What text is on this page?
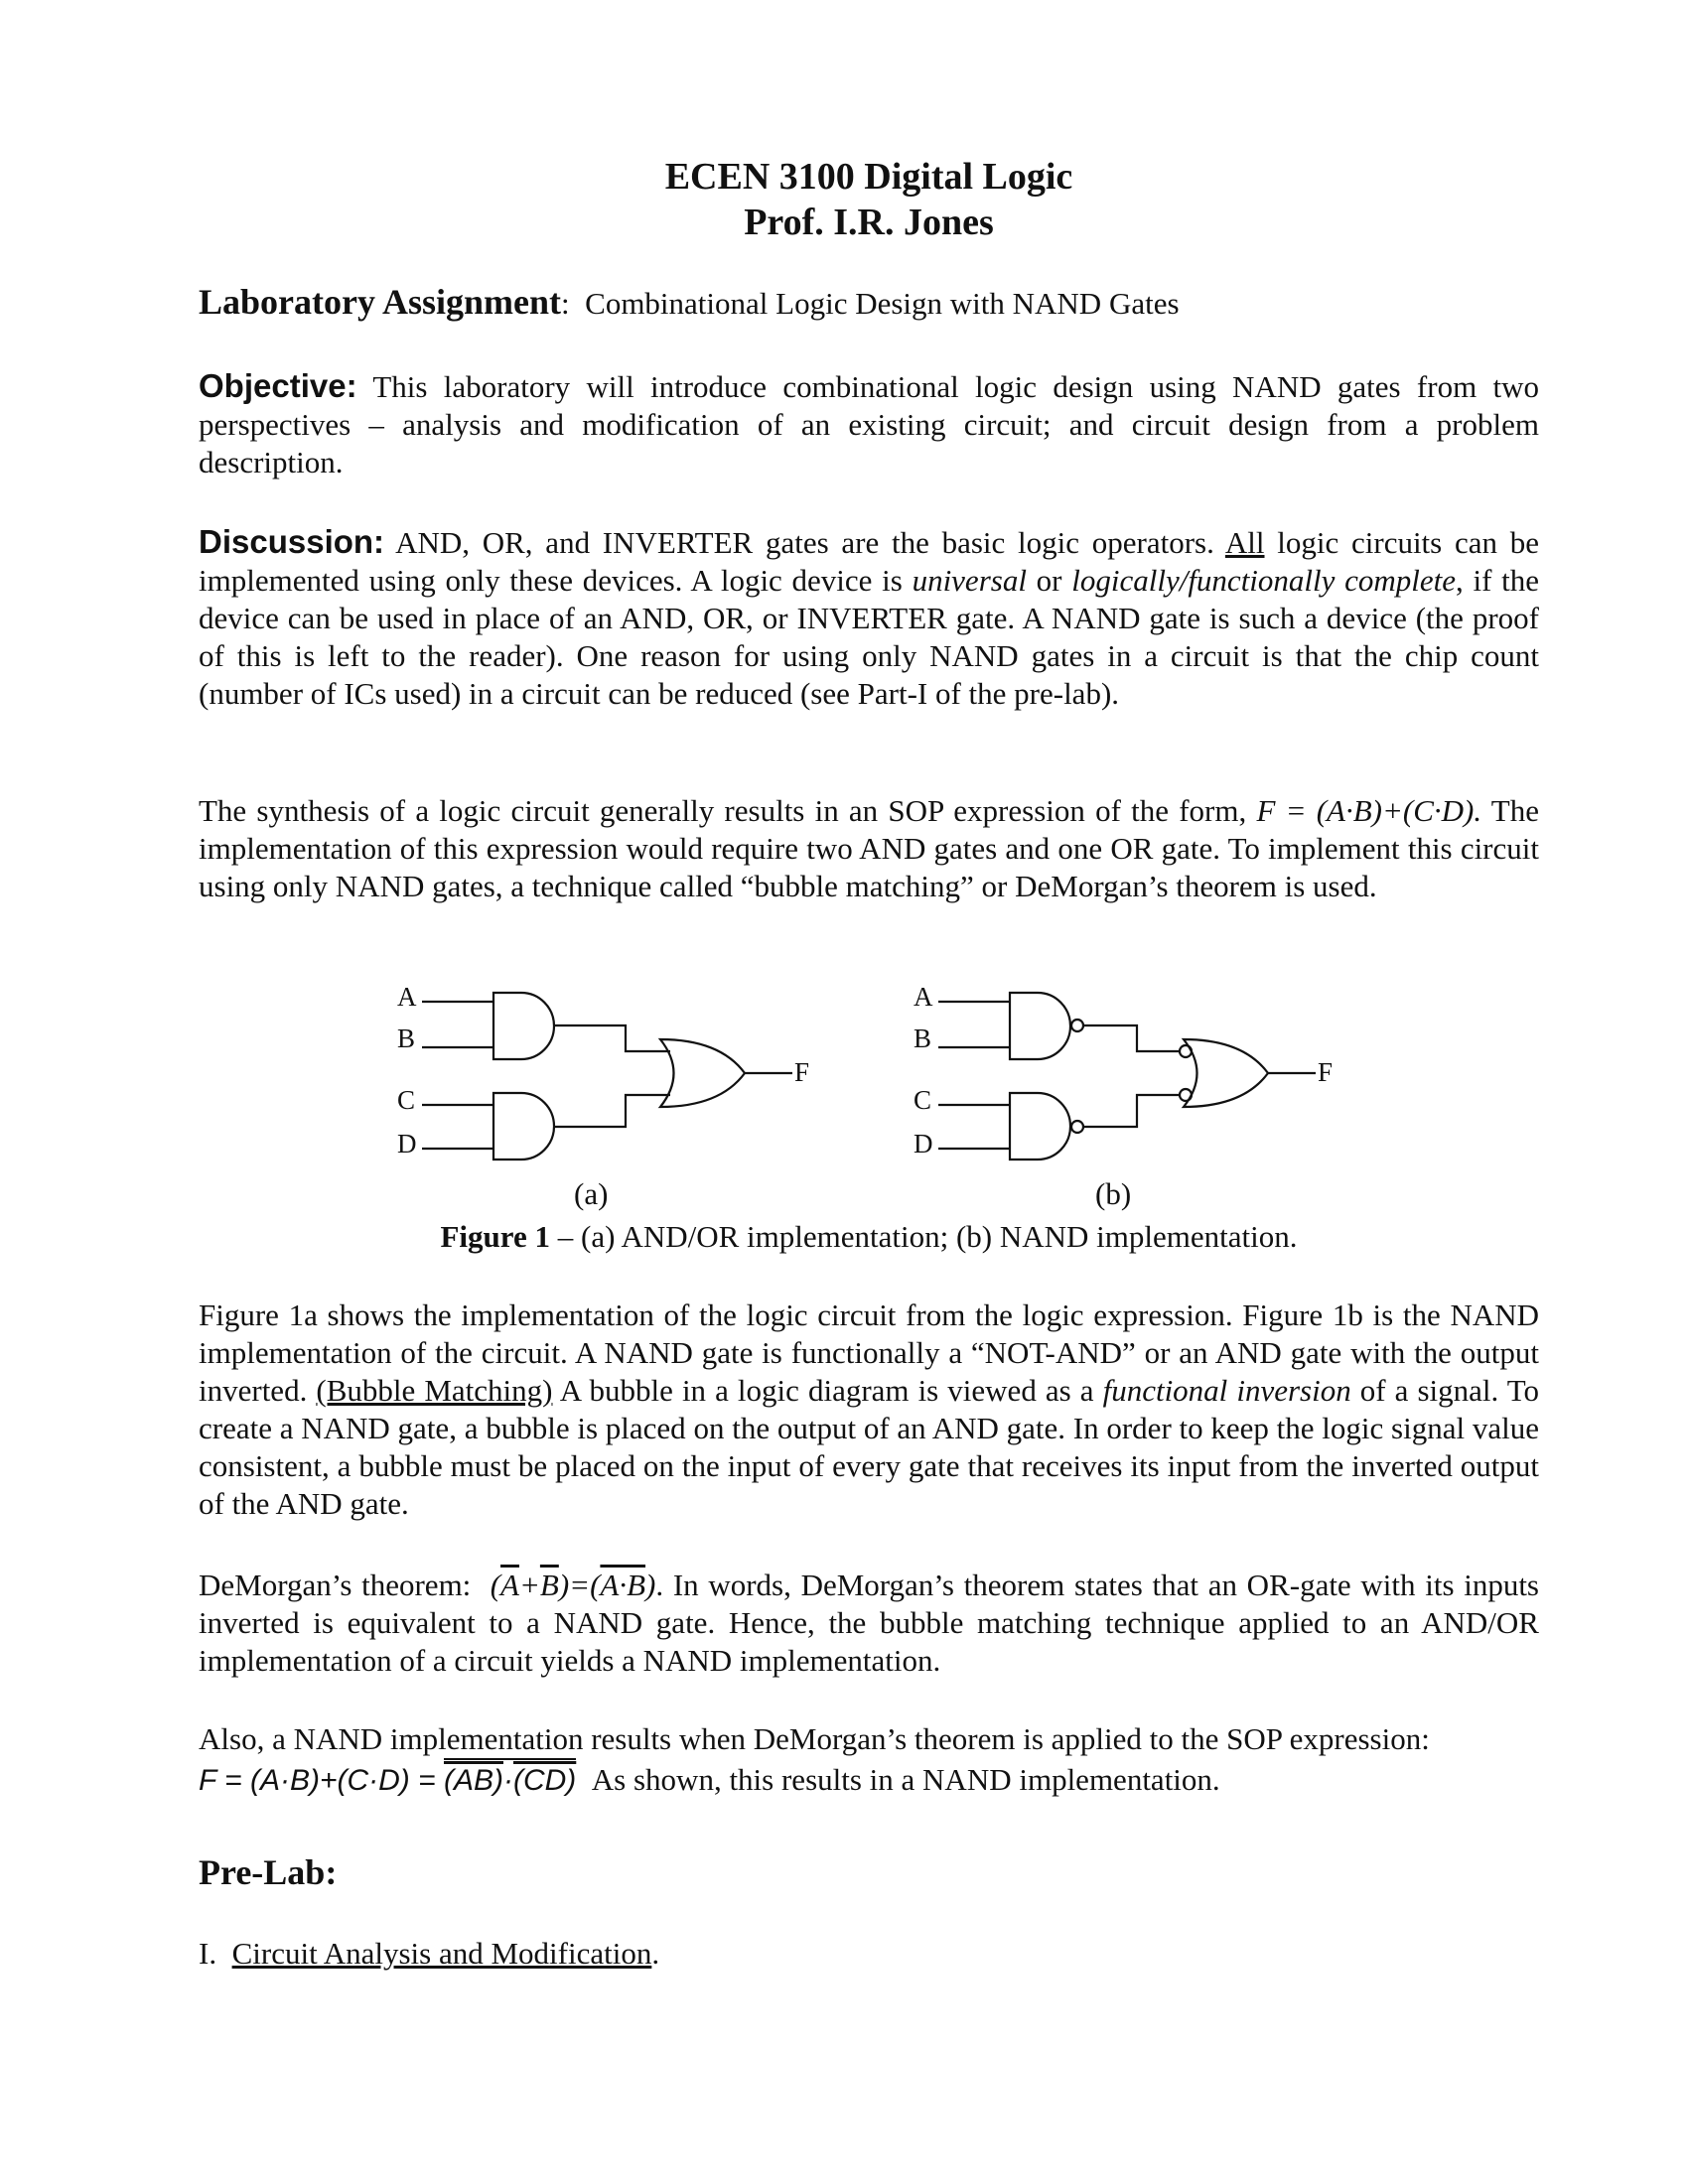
ECEN 3100 Digital Logic
Prof. I.R. Jones
Laboratory Assignment: Combinational Logic Design with NAND Gates
Objective: This laboratory will introduce combinational logic design using NAND gates from two perspectives – analysis and modification of an existing circuit; and circuit design from a problem description.
Discussion: AND, OR, and INVERTER gates are the basic logic operators. All logic circuits can be implemented using only these devices. A logic device is universal or logically/functionally complete, if the device can be used in place of an AND, OR, or INVERTER gate. A NAND gate is such a device (the proof of this is left to the reader). One reason for using only NAND gates in a circuit is that the chip count (number of ICs used) in a circuit can be reduced (see Part-I of the pre-lab).
The synthesis of a logic circuit generally results in an SOP expression of the form, F = (A·B)+(C·D). The implementation of this expression would require two AND gates and one OR gate. To implement this circuit using only NAND gates, a technique called “bubble matching” or DeMorgan’s theorem is used.
A
B
C
D
F
A
B
C
D
F
(a)	(b)
Figure 1 – (a) AND/OR implementation; (b) NAND implementation.
Figure 1a shows the implementation of the logic circuit from the logic expression. Figure 1b is the NAND implementation of the circuit. A NAND gate is functionally a “NOT-AND” or an AND gate with the output inverted. (Bubble Matching) A bubble in a logic diagram is viewed as a functional inversion of a signal. To create a NAND gate, a bubble is placed on the output of an AND gate. In order to keep the logic signal value consistent, a bubble must be placed on the input of every gate that receives its input from the inverted output of the AND gate.
DeMorgan’s theorem: $(\overline{A}+\overline{B})=(A\cdot B)$. In words, DeMorgan’s theorem states that an OR-gate with its inputs inverted is equivalent to a NAND gate. Hence, the bubble matching technique applied to an AND/OR implementation of a circuit yields a NAND implementation.
Also, a NAND implementation results when DeMorgan’s theorem is applied to the SOP expression:
F = (A·B)+(C·D) = (AB)·(CD) As shown, this results in a NAND implementation.
Pre-Lab:
I. Circuit Analysis and Modification.
